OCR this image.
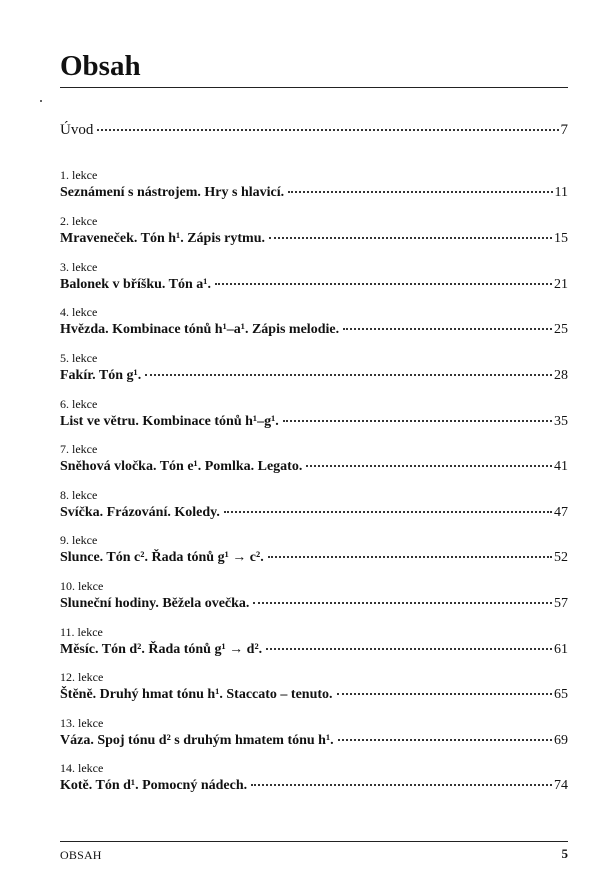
Obsah
Úvod	7
1. lekce
Seznámení s nástrojem. Hry s hlavicí.	11
2. lekce
Mraveneček. Tón h¹. Zápis rytmu.	15
3. lekce
Balonek v bříšku. Tón a¹.	21
4. lekce
Hvězda. Kombinace tónů h¹–a¹. Zápis melodie.	25
5. lekce
Fakír. Tón g¹.	28
6. lekce
List ve větru. Kombinace tónů h¹–g¹.	35
7. lekce
Sněhová vločka. Tón e¹. Pomlka. Legato.	41
8. lekce
Svíčka. Frázování. Koledy.	47
9. lekce
Slunce. Tón c². Řada tónů g¹ → c².	52
10. lekce
Sluneční hodiny. Běžela ovečka.	57
11. lekce
Měsíc. Tón d². Řada tónů g¹ → d².	61
12. lekce
Štěně. Druhý hmat tónu h¹. Staccato – tenuto.	65
13. lekce
Váza. Spoj tónu d² s druhým hmatem tónu h¹.	69
14. lekce
Kotě. Tón d¹. Pomocný nádech.	74
OBSAH	5
